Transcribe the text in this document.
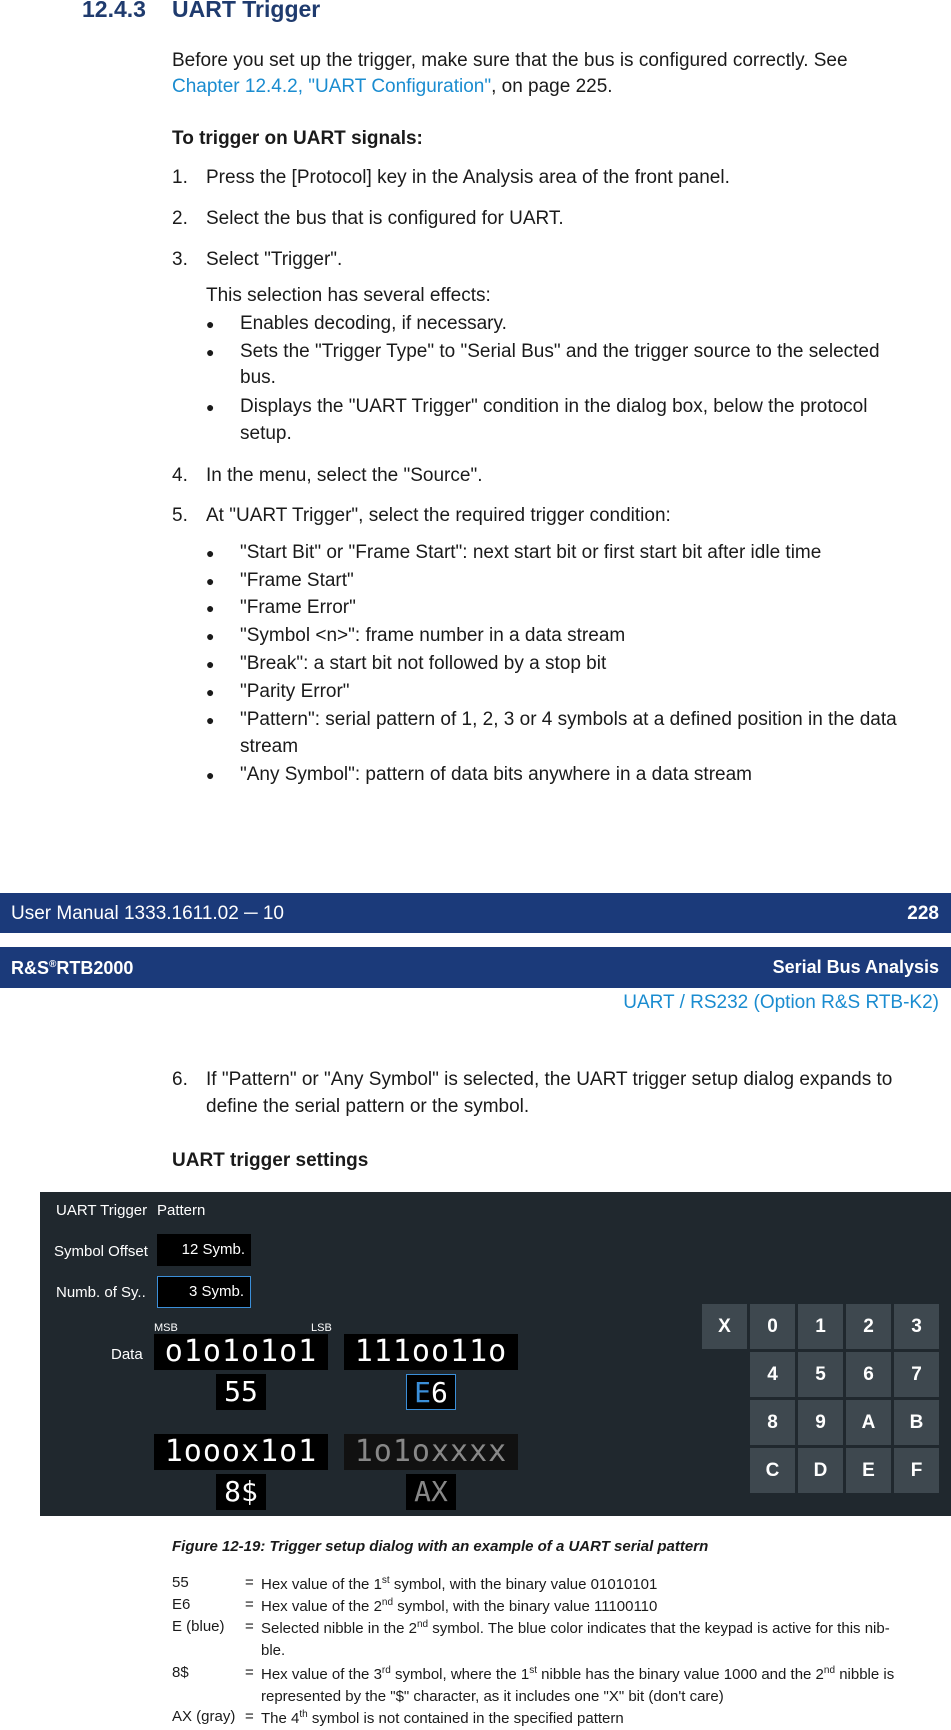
12.4.3 UART Trigger
Before you set up the trigger, make sure that the bus is configured correctly. See
Chapter 12.4.2, "UART Configuration", on page 225.
To trigger on UART signals:
1. Press the [Protocol] key in the Analysis area of the front panel.
2. Select the bus that is configured for UART.
3. Select "Trigger".
This selection has several effects:
● Enables decoding, if necessary.
● Sets the "Trigger Type" to "Serial Bus" and the trigger source to the selected
bus.
● Displays the "UART Trigger" condition in the dialog box, below the protocol
setup.
4. In the menu, select the "Source".
5. At "UART Trigger", select the required trigger condition:
● "Start Bit" or "Frame Start": next start bit or first start bit after idle time
● "Frame Start"
● "Frame Error"
● "Symbol <n>": frame number in a data stream
● "Break": a start bit not followed by a stop bit
● "Parity Error"
● "Pattern": serial pattern of 1, 2, 3 or 4 symbols at a defined position in the data
stream
● "Any Symbol": pattern of data bits anywhere in a data stream
User Manual 1333.1611.02 ─ 10	228
R&S®RTB2000	Serial Bus Analysis
UART / RS232 (Option R&S RTB-K2)
6. If "Pattern" or "Any Symbol" is selected, the UART trigger setup dialog expands to
define the serial pattern or the symbol.
UART trigger settings
UART Trigger Pattern
Symbol Offset	12 Symb.
Numb. of Sy..	3 Symb.
MSB	LSB
Data o1o1o1o1
55
111oo11o
E6
1ooox1o1
8$
1o1oxxxx
AX
X	0	1	2	3
4	5	6	7
8	9	A	B
C	D	E	F
Figure 12-19: Trigger setup dialog with an example of a UART serial pattern
55	= Hex value of the 1st symbol, with the binary value 01010101
E6	= Hex value of the 2nd symbol, with the binary value 11100110
E (blue) = Selected nibble in the 2nd symbol. The blue color indicates that the keypad is active for this nib-
ble.
8$	= Hex value of the 3rd symbol, where the 1st nibble has the binary value 1000 and the 2nd nibble is
represented by the "$" character, as it includes one "X" bit (don't care)
AX (gray) = The 4th symbol is not contained in the specified pattern
